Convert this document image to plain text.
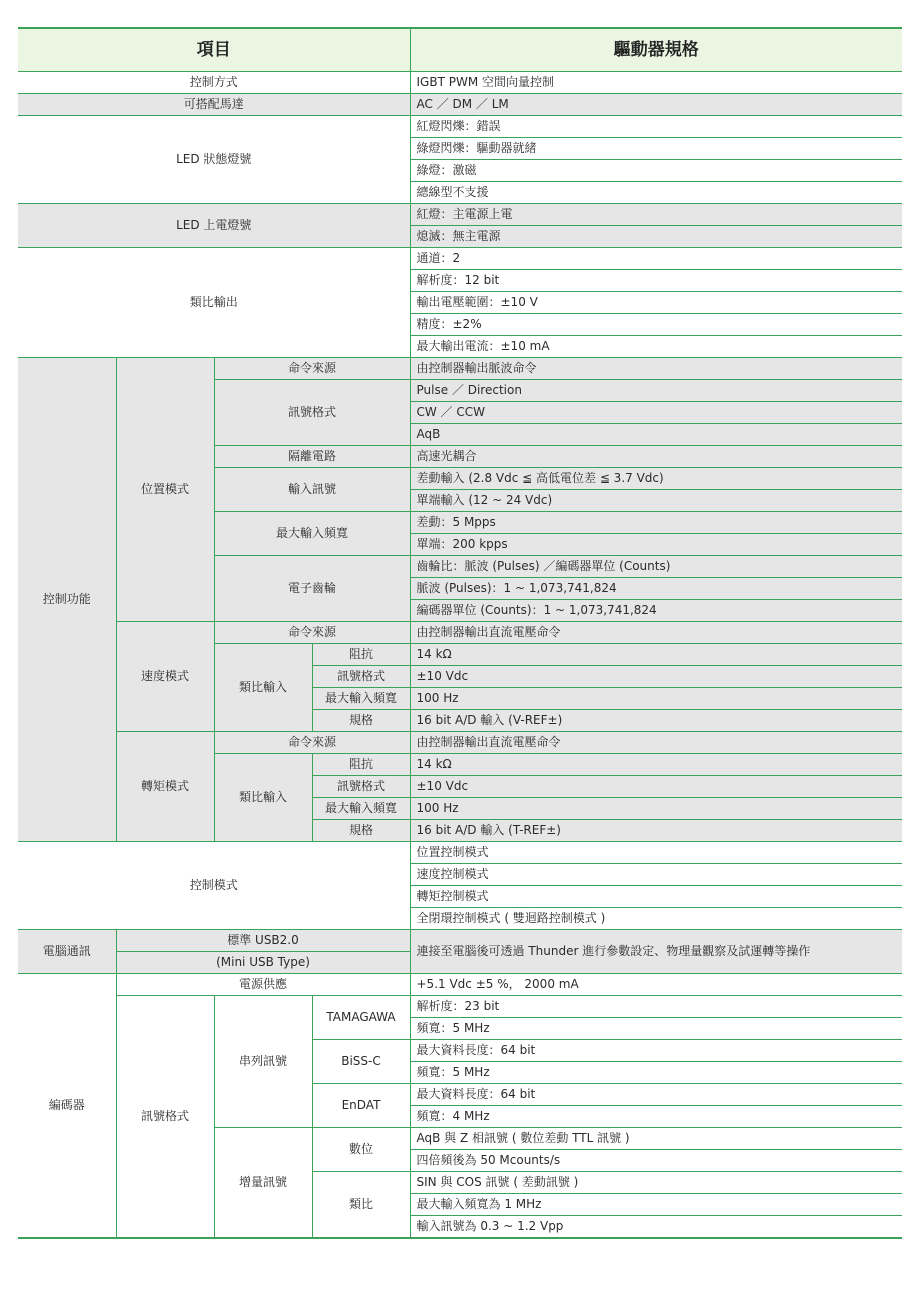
項目				驅動器規格
控制方式				IGBT PWM 空間向量控制
可搭配馬達				AC ／ DM ／ LM
LED 狀態燈號				紅燈閃爍：錯誤
				綠燈閃爍：驅動器就緒
				綠燈：激磁
				總線型不支援
LED 上電燈號				紅燈：主電源上電
				熄滅：無主電源
類比輸出				通道：2
				解析度：12 bit
				輸出電壓範圍：±10 V
				精度：±2%
				最大輸出電流：±10 mA
控制功能	位置模式	命令來源		由控制器輸出脈波命令
		訊號格式		Pulse ／ Direction
				CW ／ CCW
				AqB
		隔離電路		高速光耦合
		輸入訊號		差動輸入 (2.8 Vdc ≦ 高低電位差 ≦ 3.7 Vdc)
				單端輸入 (12 ~ 24 Vdc)
		最大輸入頻寬		差動：5 Mpps
				單端：200 kpps
		電子齒輪		齒輪比：脈波 (Pulses) ／編碼器單位 (Counts)
				脈波 (Pulses)：1 ~ 1,073,741,824
				編碼器單位 (Counts)：1 ~ 1,073,741,824
	速度模式	命令來源		由控制器輸出直流電壓命令
		類比輸入	阻抗	14 kΩ
			訊號格式	±10 Vdc
			最大輸入頻寬	100 Hz
			規格	16 bit A/D 輸入 (V-REF±)
	轉矩模式	命令來源		由控制器輸出直流電壓命令
		類比輸入	阻抗	14 kΩ
			訊號格式	±10 Vdc
			最大輸入頻寬	100 Hz
			規格	16 bit A/D 輸入 (T-REF±)
控制模式				位置控制模式
				速度控制模式
				轉矩控制模式
				全閉環控制模式 ( 雙迴路控制模式 )
電腦通訊	標準 USB2.0			連接至電腦後可透過 Thunder 進行參數設定、物理量觀察及試運轉等操作
	(Mini USB Type)			
編碼器	電源供應			+5.1 Vdc ±5 %， 2000 mA
	訊號格式	串列訊號	TAMAGAWA	解析度：23 bit
				頻寬：5 MHz
			BiSS-C	最大資料長度：64 bit
				頻寬：5 MHz
			EnDAT	最大資料長度：64 bit
				頻寬：4 MHz
		增量訊號	數位	AqB 與 Z 相訊號 ( 數位差動 TTL 訊號 )
				四倍頻後為 50 Mcounts/s
			類比	SIN 與 COS 訊號 ( 差動訊號 )
				最大輸入頻寬為 1 MHz
				輸入訊號為 0.3 ~ 1.2 Vpp
